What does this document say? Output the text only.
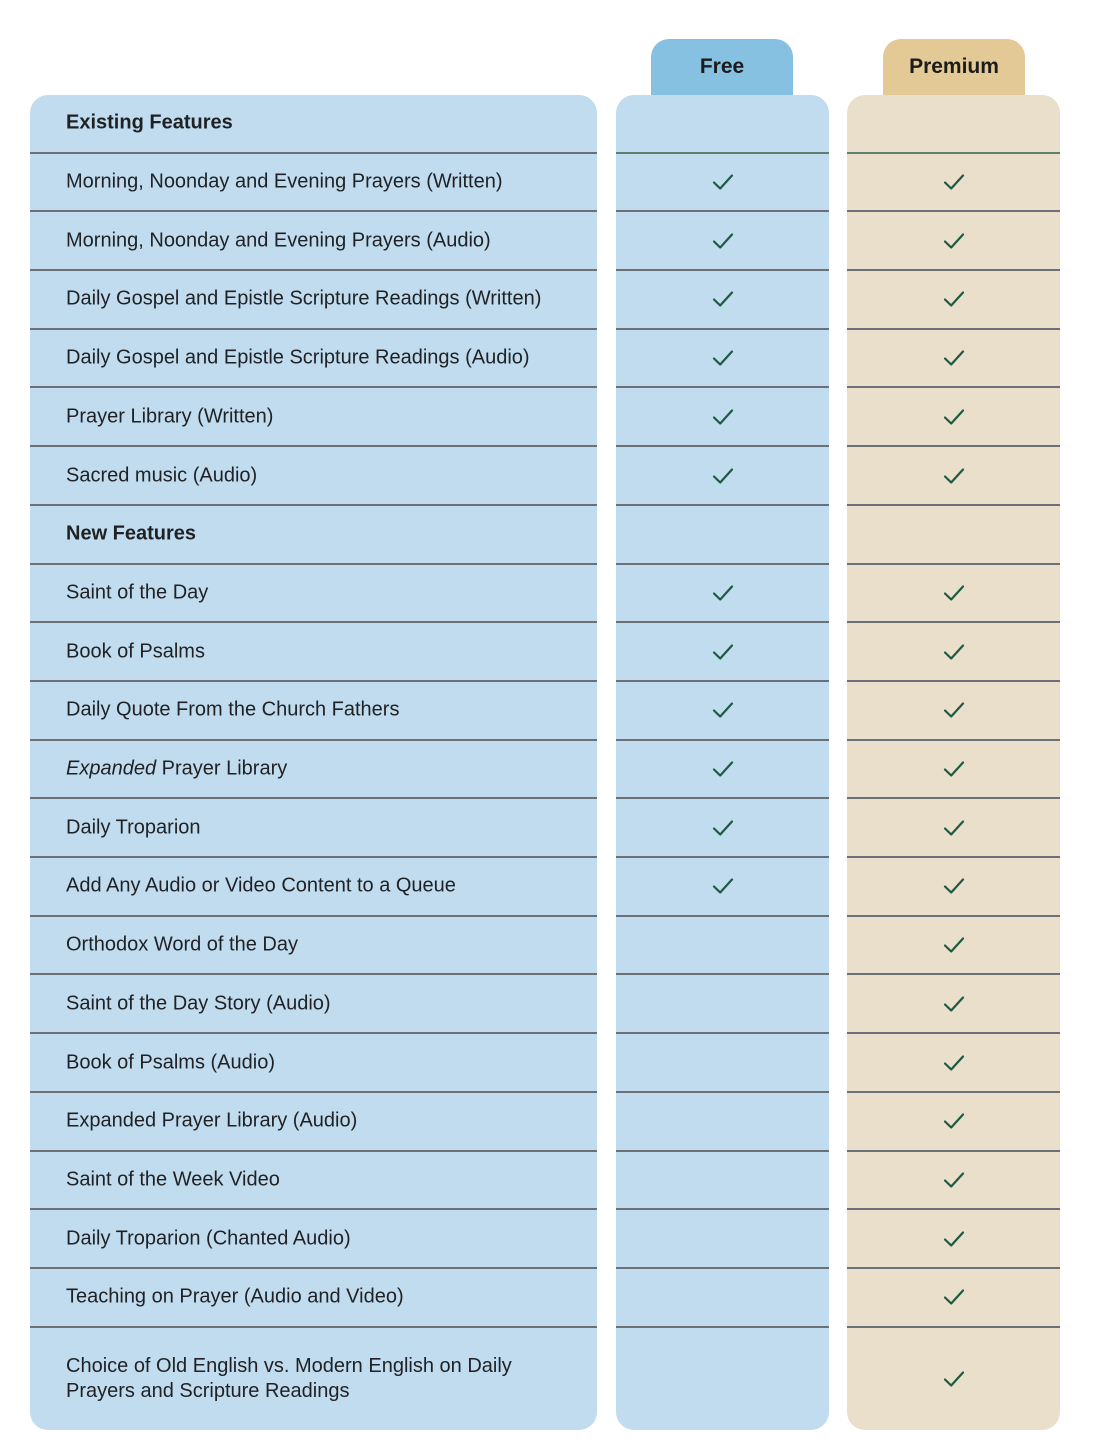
Free	Premium
Existing Features
Morning, Noonday and Evening Prayers (Written)
Morning, Noonday and Evening Prayers (Audio)
Daily Gospel and Epistle Scripture Readings (Written)
Daily Gospel and Epistle Scripture Readings (Audio)
Prayer Library (Written)
Sacred music (Audio)
New Features
Saint of the Day
Book of Psalms
Daily Quote From the Church Fathers
Expanded Prayer Library
Daily Troparion
Add Any Audio or Video Content to a Queue
Orthodox Word of the Day
Saint of the Day Story (Audio)
Book of Psalms (Audio)
Expanded Prayer Library (Audio)
Saint of the Week Video
Daily Troparion (Chanted Audio)
Teaching on Prayer (Audio and Video)
Choice of Old English vs. Modern English on Daily Prayers and Scripture Readings
